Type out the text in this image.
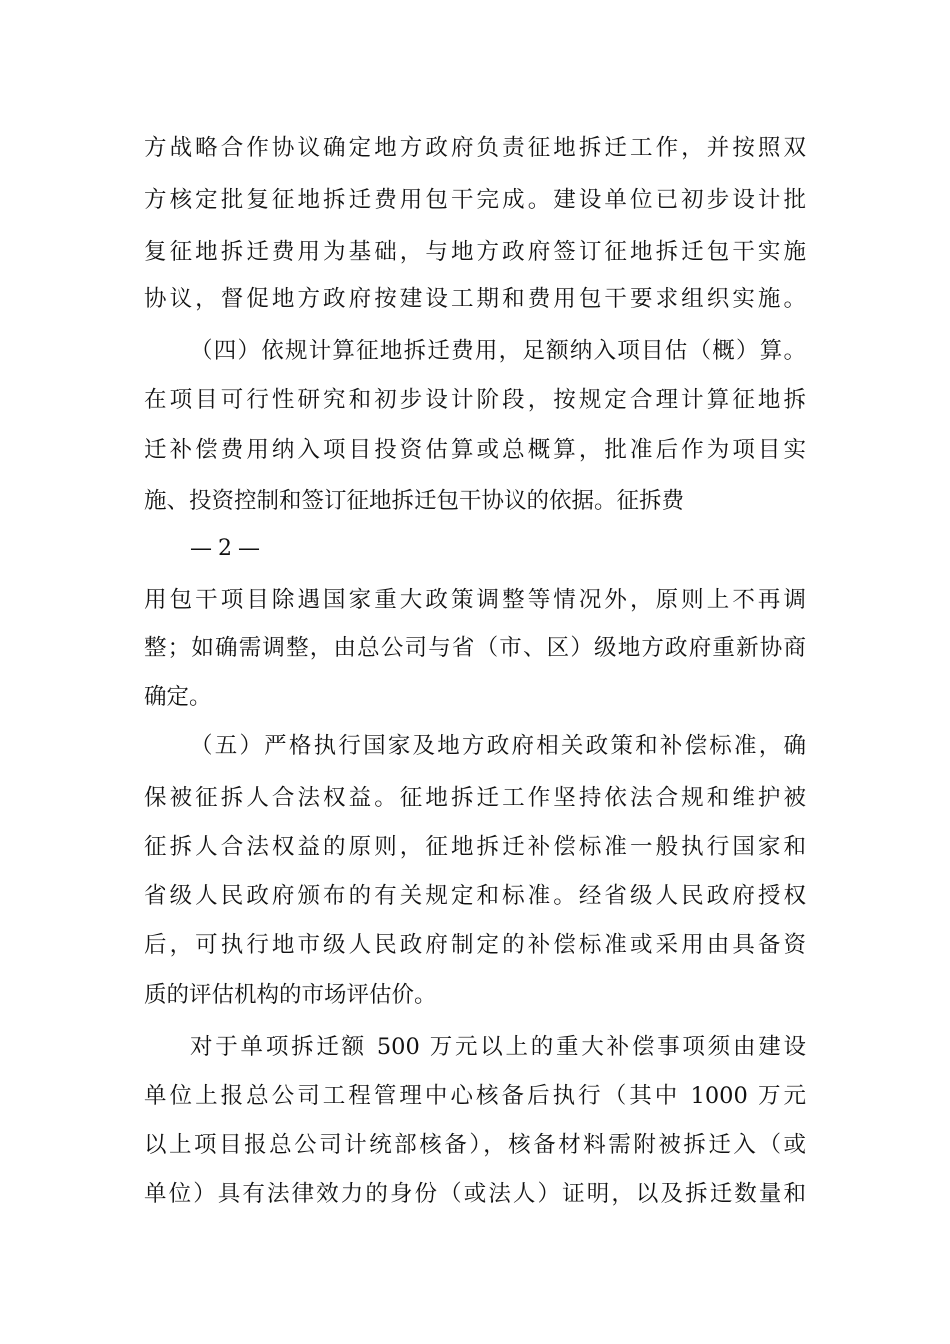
方战略合作协议确定地方政府负责征地拆迁工作，并按照双
方核定批复征地拆迁费用包干完成。建设单位已初步设计批
复征地拆迁费用为基础，与地方政府签订征地拆迁包干实施
协议，督促地方政府按建设工期和费用包干要求组织实施。
（四）依规计算征地拆迁费用，足额纳入项目估（概）算。
在项目可行性研究和初步设计阶段，按规定合理计算征地拆
迁补偿费用纳入项目投资估算或总概算，批准后作为项目实
施、投资控制和签订征地拆迁包干协议的依据。征拆费
—2—
用包干项目除遇国家重大政策调整等情况外，原则上不再调
整；如确需调整，由总公司与省（市、区）级地方政府重新协商
确定。
（五）严格执行国家及地方政府相关政策和补偿标准，确
保被征拆人合法权益。征地拆迁工作坚持依法合规和维护被
征拆人合法权益的原则，征地拆迁补偿标准一般执行国家和
省级人民政府颁布的有关规定和标准。经省级人民政府授权
后，可执行地市级人民政府制定的补偿标准或采用由具备资
质的评估机构的市场评估价。
对于单项拆迁额 500 万元以上的重大补偿事项须由建设
单位上报总公司工程管理中心核备后执行（其中 1000 万元
以上项目报总公司计统部核备），核备材料需附被拆迁入（或
单位）具有法律效力的身份（或法人）证明，以及拆迁数量和
